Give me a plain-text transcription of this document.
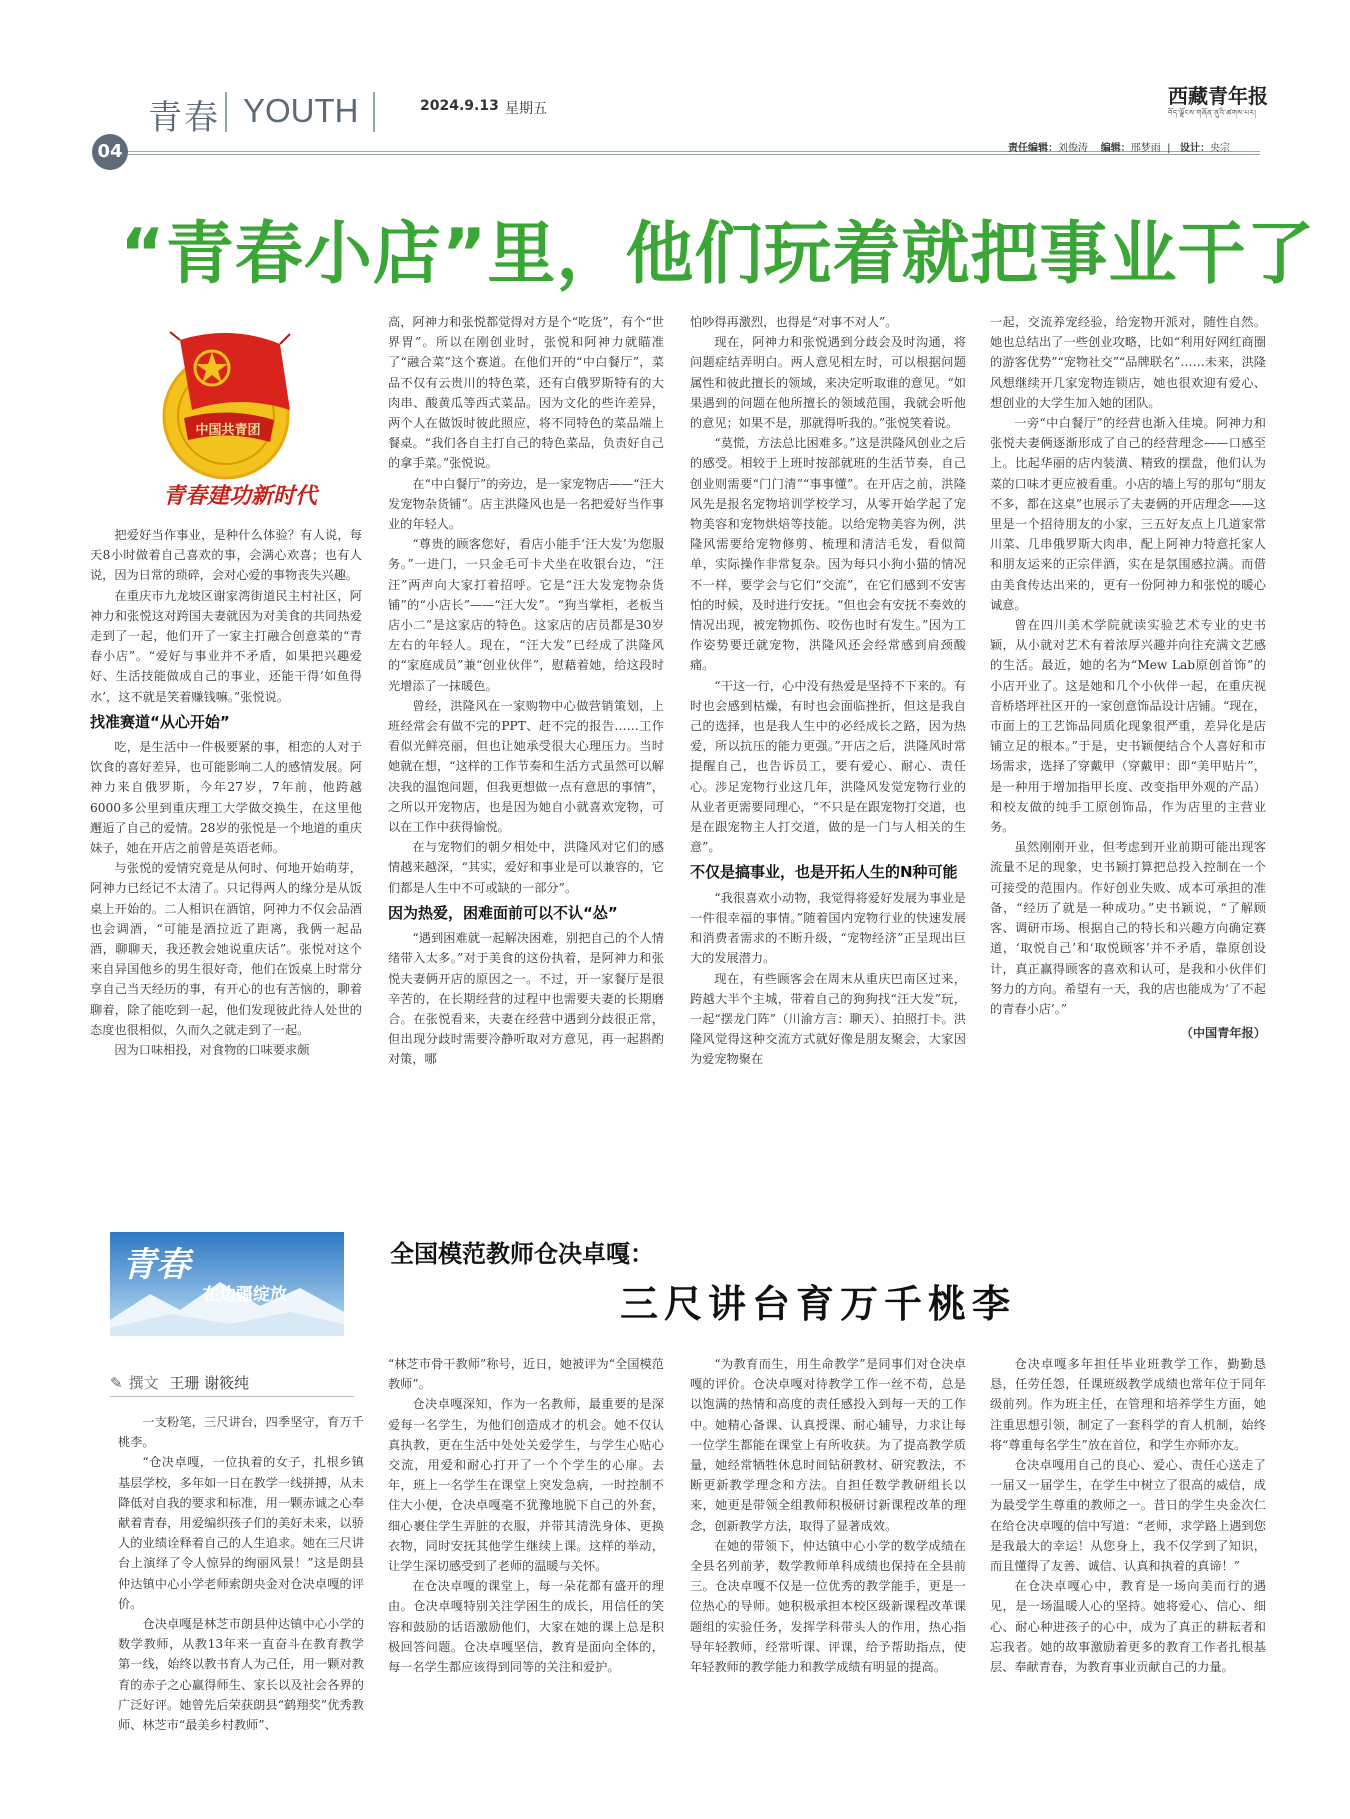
青春 YOUTH	2024.9.13 星期五
西藏青年报
བོད་ལྗོངས་གཞོན་ནུའི་ཚགས་པར།
04	责任编辑：刘俊涛 编辑：邢梦雨  |   设计：央宗
“青春小店”里，他们玩着就把事业干了
中国共青团
青春建功新时代

把爱好当作事业，是种什么体验？有人说，每天8小时做着自己喜欢的事，会满心欢喜；也有人说，因为日常的琐碎，会对心爱的事物丧失兴趣。

在重庆市九龙坡区谢家湾街道民主村社区，阿神力和张悦这对跨国夫妻就因为对美食的共同热爱走到了一起，他们开了一家主打融合创意菜的“青春小店”。“爱好与事业并不矛盾，如果把兴趣爱好、生活技能做成自己的事业，还能干得‘如鱼得水’，这不就是笑着赚钱嘛。”张悦说。

找准赛道“从心开始”

吃，是生活中一件极要紧的事，相恋的人对于饮食的喜好差异，也可能影响二人的感情发展。阿神力来自俄罗斯，今年27岁，7年前，他跨越6000多公里到重庆理工大学做交换生，在这里他邂逅了自己的爱情。28岁的张悦是一个地道的重庆妹子，她在开店之前曾是英语老师。

与张悦的爱情究竟是从何时、何地开始萌芽，阿神力已经记不太清了。只记得两人的缘分是从饭桌上开始的。二人相识在酒馆，阿神力不仅会品酒也会调酒，“可能是酒拉近了距离，我俩一起品酒，聊聊天，我还教会她说重庆话”。张悦对这个来自异国他乡的男生很好奇，他们在饭桌上时常分享自己当天经历的事，有开心的也有苦恼的，聊着聊着，除了能吃到一起，他们发现彼此待人处世的态度也很相似，久而久之就走到了一起。

因为口味相投，对食物的口味要求颇

高，阿神力和张悦都觉得对方是个“吃货”，有个“世界胃”。所以在刚创业时，张悦和阿神力就瞄准了“融合菜”这个赛道。在他们开的“中白餐厅”，菜品不仅有云贵川的特色菜，还有白俄罗斯特有的大肉串、酸黄瓜等西式菜品。因为文化的些许差异，两个人在做饭时彼此照应，将不同特色的菜品端上餐桌。“我们各自主打自己的特色菜品，负责好自己的拿手菜。”张悦说。

在“中白餐厅”的旁边，是一家宠物店——“汪大发宠物杂货铺”。店主洪隆风也是一名把爱好当作事业的年轻人。

“尊贵的顾客您好，看店小能手‘汪大发’为您服务。”一进门，一只金毛可卡犬坐在收银台边，“汪汪”两声向大家打着招呼。它是“汪大发宠物杂货铺”的“小店长”——“汪大发”。“狗当掌柜，老板当店小二”是这家店的特色。这家店的店员都是30岁左右的年轻人。现在，“汪大发”已经成了洪隆风的“家庭成员”兼“创业伙伴”，慰藉着她，给这段时光增添了一抹暖色。

曾经，洪隆风在一家购物中心做营销策划，上班经常会有做不完的PPT、赶不完的报告……工作看似光鲜亮丽，但也让她承受很大心理压力。当时她就在想，“这样的工作节奏和生活方式虽然可以解决我的温饱问题，但我更想做一点有意思的事情”，之所以开宠物店，也是因为她自小就喜欢宠物，可以在工作中获得愉悦。

在与宠物们的朝夕相处中，洪隆风对它们的感情越来越深，“其实，爱好和事业是可以兼容的，它们都是人生中不可或缺的一部分”。

因为热爱，困难面前可以不认“怂”

“遇到困难就一起解决困难，别把自己的个人情绪带入太多。”对于美食的这份执着，是阿神力和张悦夫妻俩开店的原因之一。不过，开一家餐厅是很辛苦的，在长期经营的过程中也需要夫妻的长期磨合。在张悦看来，夫妻在经营中遇到分歧很正常，但出现分歧时需要冷静听取对方意见，再一起斟酌对策，哪

怕吵得再激烈，也得是“对事不对人”。

现在，阿神力和张悦遇到分歧会及时沟通，将问题症结弄明白。两人意见相左时，可以根据问题属性和彼此擅长的领域，来决定听取谁的意见。“如果遇到的问题在他所擅长的领域范围，我就会听他的意见；如果不是，那就得听我的。”张悦笑着说。

“莫慌，方法总比困难多。”这是洪隆风创业之后的感受。相较于上班时按部就班的生活节奏，自己创业则需要“门门清”“事事懂”。在开店之前，洪隆风先是报名宠物培训学校学习，从零开始学起了宠物美容和宠物烘焙等技能。以给宠物美容为例，洪隆风需要给宠物修剪、梳理和清洁毛发，看似简单，实际操作非常复杂。因为每只小狗小猫的情况不一样，要学会与它们“交流”，在它们感到不安害怕的时候，及时进行安抚。“但也会有安抚不奏效的情况出现，被宠物抓伤、咬伤也时有发生。”因为工作姿势要迁就宠物，洪隆风还会经常感到肩颈酸痛。

“干这一行，心中没有热爱是坚持不下来的。有时也会感到枯燥，有时也会面临挫折，但这是我自己的选择，也是我人生中的必经成长之路，因为热爱，所以抗压的能力更强。”开店之后，洪隆风时常提醒自己，也告诉员工，要有爱心、耐心、责任心。涉足宠物行业这几年，洪隆风发觉宠物行业的从业者更需要同理心，“不只是在跟宠物打交道，也是在跟宠物主人打交道，做的是一门与人相关的生意”。

不仅是搞事业，也是开拓人生的N种可能

“我很喜欢小动物，我觉得将爱好发展为事业是一件很幸福的事情。”随着国内宠物行业的快速发展和消费者需求的不断升级，“宠物经济”正呈现出巨大的发展潜力。

现在，有些顾客会在周末从重庆巴南区过来，跨越大半个主城，带着自己的狗狗找“汪大发”玩，一起“摆龙门阵”（川渝方言：聊天）、拍照打卡。洪隆风觉得这种交流方式就好像是朋友聚会，大家因为爱宠物聚在

一起，交流养宠经验，给宠物开派对，随性自然。她也总结出了一些创业攻略，比如“利用好网红商圈的游客优势”“宠物社交”“品牌联名”……未来，洪隆风想继续开几家宠物连锁店，她也很欢迎有爱心、想创业的大学生加入她的团队。

一旁“中白餐厅”的经营也渐入佳境。阿神力和张悦夫妻俩逐渐形成了自己的经营理念——口感至上。比起华丽的店内装潢、精致的摆盘，他们认为菜的口味才更应被看重。小店的墙上写的那句“朋友不多，都在这桌”也展示了夫妻俩的开店理念——这里是一个招待朋友的小家，三五好友点上几道家常川菜、几串俄罗斯大肉串，配上阿神力特意托家人和朋友运来的正宗伴酒，实在是氛围感拉满。而借由美食传达出来的，更有一份阿神力和张悦的暖心诚意。

曾在四川美术学院就读实验艺术专业的史书颖，从小就对艺术有着浓厚兴趣并向往充满文艺感的生活。最近，她的名为“Mew Lab原创首饰”的小店开业了。这是她和几个小伙伴一起，在重庆视音桥塔坪社区开的一家创意饰品设计店铺。“现在，市面上的工艺饰品同质化现象很严重，差异化是店铺立足的根本。”于是，史书颖便结合个人喜好和市场需求，选择了穿戴甲（穿戴甲：即“美甲贴片”，是一种用于增加指甲长度、改变指甲外观的产品）和校友做的纯手工原创饰品，作为店里的主营业务。

虽然刚刚开业，但考虑到开业前期可能出现客流量不足的现象，史书颖打算把总投入控制在一个可接受的范围内。作好创业失败、成本可承担的准备，“经历了就是一种成功。”史书颖说，“了解顾客、调研市场、根据自己的特长和兴趣方向确定赛道，‘取悦自己’和‘取悦顾客’并不矛盾，靠原创设计，真正赢得顾客的喜欢和认可，是我和小伙伴们努力的方向。希望有一天，我的店也能成为‘了不起的青春小店’。”

（中国青年报）

青春
在边疆绽放
全国模范教师仓决卓嘎：
三尺讲台育万千桃李
✎ 撰文 王珊 谢筱纯

一支粉笔，三尺讲台，四季坚守，育万千桃李。

“仓决卓嘎，一位执着的女子，扎根乡镇基层学校，多年如一日在教学一线拼搏，从未降低对自我的要求和标准，用一颗赤诚之心奉献着青春，用爱编织孩子们的美好未来，以骄人的业绩诠释着自己的人生追求。她在三尺讲台上演绎了令人惊异的绚丽风景！”这是朗县仲达镇中心小学老师索朗央金对仓决卓嘎的评价。

仓决卓嘎是林芝市朗县仲达镇中心小学的数学教师，从教13年来一直奋斗在教育教学第一线，始终以教书育人为己任，用一颗对教育的赤子之心赢得师生、家长以及社会各界的广泛好评。她曾先后荣获朗县“鹤翔奖”优秀教师、林芝市“最美乡村教师”、

“林芝市骨干教师”称号，近日，她被评为“全国模范教师”。

仓决卓嘎深知，作为一名教师，最重要的是深爱每一名学生，为他们创造成才的机会。她不仅认真执教，更在生活中处处关爱学生，与学生心贴心交流，用爱和耐心打开了一个个学生的心扉。去年，班上一名学生在课堂上突发急病，一时控制不住大小便，仓决卓嘎毫不犹豫地脱下自己的外套，细心裹住学生弄脏的衣服，并带其清洗身体、更换衣物，同时安抚其他学生继续上课。这样的举动，让学生深切感受到了老师的温暖与关怀。

在仓决卓嘎的课堂上，每一朵花都有盛开的理由。仓决卓嘎特别关注学困生的成长，用信任的笑容和鼓励的话语激励他们，大家在她的课上总是积极回答问题。仓决卓嘎坚信，教育是面向全体的，每一名学生都应该得到同等的关注和爱护。

“为教育而生，用生命教学”是同事们对仓决卓嘎的评价。仓决卓嘎对待教学工作一丝不苟，总是以饱满的热情和高度的责任感投入到每一天的工作中。她精心备课、认真授课、耐心辅导，力求让每一位学生都能在课堂上有所收获。为了提高教学质量，她经常牺牲休息时间钻研教材、研究教法，不断更新教学理念和方法。自担任数学教研组长以来，她更是带领全组教师积极研讨新课程改革的理念，创新教学方法，取得了显著成效。

在她的带领下，仲达镇中心小学的数学成绩在全县名列前茅，数学教师单科成绩也保持在全县前三。仓决卓嘎不仅是一位优秀的教学能手，更是一位热心的导师。她积极承担本校区级新课程改革课题组的实验任务，发挥学科带头人的作用，热心指导年轻教师，经常听课、评课，给予帮助指点，使年轻教师的教学能力和教学成绩有明显的提高。

仓决卓嘎多年担任毕业班教学工作，勤勤恳恳，任劳任怨，任课班级教学成绩也常年位于同年级前列。作为班主任，在管理和培养学生方面，她注重思想引领，制定了一套科学的育人机制，始终将“尊重每名学生”放在首位，和学生亦师亦友。

仓决卓嘎用自己的良心、爱心、责任心送走了一届又一届学生，在学生中树立了很高的威信，成为最受学生尊重的教师之一。昔日的学生央金次仁在给仓决卓嘎的信中写道：“老师，求学路上遇到您是我最大的幸运！从您身上，我不仅学到了知识，而且懂得了友善、诚信、认真和执着的真谛！”

在仓决卓嘎心中，教育是一场向美而行的遇见，是一场温暖人心的坚持。她将爱心、信心、细心、耐心种进孩子的心中，成为了真正的耕耘者和忘我者。她的故事激励着更多的教育工作者扎根基层、奉献青春，为教育事业贡献自己的力量。
